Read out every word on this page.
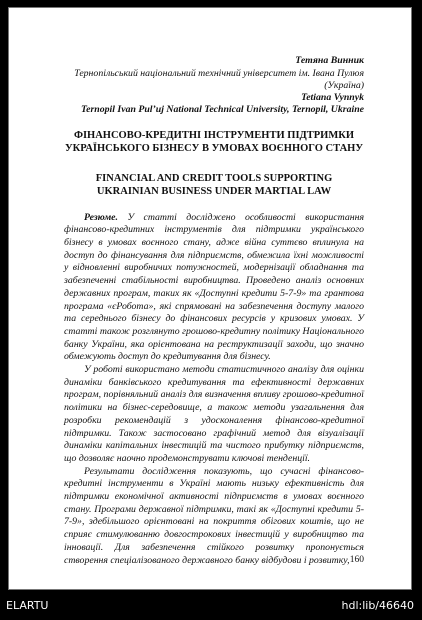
Тетяна Винник

Тернопільський національний технічний університет ім. Івана Пулюя (Україна)

Tetiana Vynnyk

Ternopil Ivan Pul’uj National Technical University, Ternopil, Ukraine

ФІНАНСОВО-КРЕДИТНІ ІНСТРУМЕНТИ ПІДТРИМКИ УКРАЇНСЬКОГО БІЗНЕСУ В УМОВАХ ВОЄННОГО СТАНУ

FINANCIAL AND CREDIT TOOLS SUPPORTING UKRAINIAN BUSINESS UNDER MARTIAL LAW

Резюме. У статті досліджено особливості використання фінансово-кредитних інструментів для підтримки українського бізнесу в умовах воєнного стану, адже війна суттєво вплинула на доступ до фінансування для підприємств, обмежила їхні можливості у відновленні виробничих потужностей, модернізації обладнання та забезпеченні стабільності виробництва. Проведено аналіз основних державних програм, таких як «Доступні кредити 5-7-9» та грантова програма «єРобота», які спрямовані на забезпечення доступу малого та середнього бізнесу до фінансових ресурсів у кризових умовах. У статті також розглянуто грошово-кредитну політику Національного банку України, яка орієнтована на реструктизації заходи, що значно обмежують доступ до кредитування для бізнесу.

У роботі використано методи статистичного аналізу для оцінки динаміки банківського кредитування та ефективності державних програм, порівняльний аналіз для визначення впливу грошово-кредитної політики на бізнес-середовище, а також методи узагальнення для розробки рекомендацій з удосконалення фінансово-кредитної підтримки. Також застосовано графічний метод для візуалізації динаміки капітальних інвестицій та чистого прибутку підприємств, що дозволяє наочно продемонструвати ключові тенденції.

Результати дослідження показують, що сучасні фінансово-кредитні інструменти в Україні мають низьку ефективність для підтримки економічної активності підприємств в умовах воєнного стану. Програми державної підтримки, такі як «Доступні кредити 5-7-9», здебільшого орієнтовані на покриття обігових коштів, що не сприяє стимулюванню довгострокових інвестицій у виробництво та інновації. Для забезпечення стійкого розвитку пропонується створення спеціалізованого державного банку відбудови і розвитку, 160
ELARTU	hdl:lib/46640
